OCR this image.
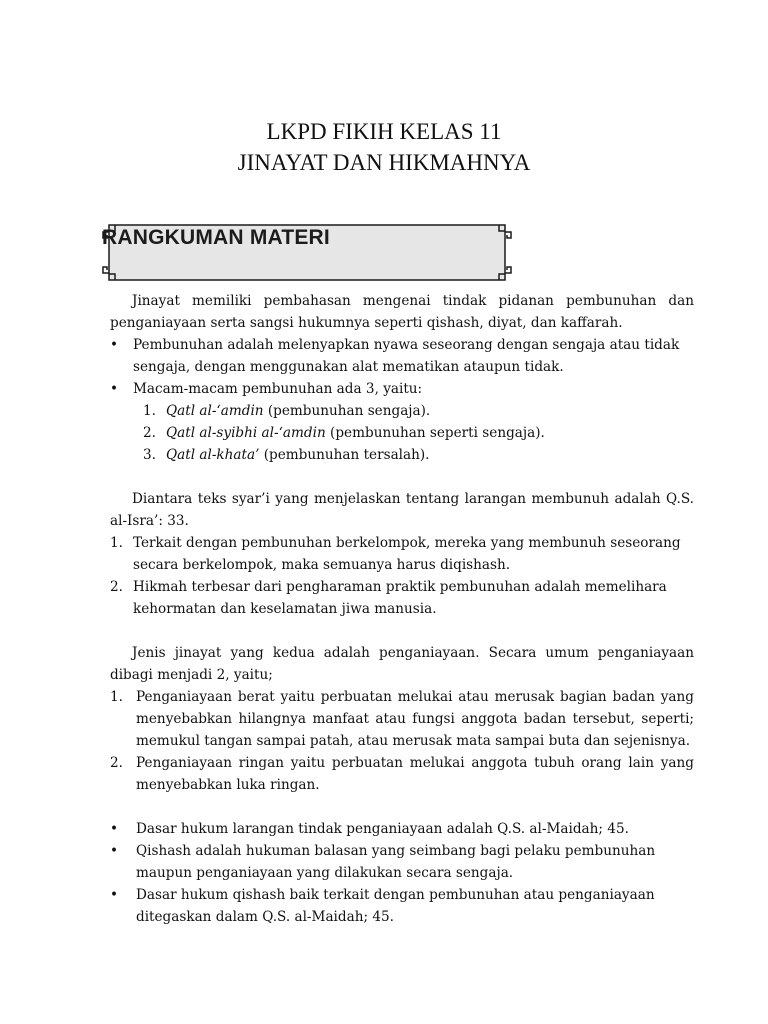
LKPD FIKIH KELAS 11
JINAYAT DAN HIKMAHNYA
RANGKUMAN MATERI

Jinayat memiliki pembahasan mengenai tindak pidanan pembunuhan dan penganiayaan serta sangsi hukumnya seperti qishash, diyat, dan kaffarah.

• Pembunuhan adalah melenyapkan nyawa seseorang dengan sengaja atau tidak sengaja, dengan menggunakan alat mematikan ataupun tidak.
• Macam-macam pembunuhan ada 3, yaitu:
1. Qatl al-‘amdin (pembunuhan sengaja).
2. Qatl al-syibhi al-‘amdin (pembunuhan seperti sengaja).
3. Qatl al-khata’ (pembunuhan tersalah).

Diantara teks syar’i yang menjelaskan tentang larangan membunuh adalah Q.S. al-Isra’: 33.

1. Terkait dengan pembunuhan berkelompok, mereka yang membunuh seseorang secara berkelompok, maka semuanya harus diqishash.
2. Hikmah terbesar dari pengharaman praktik pembunuhan adalah memelihara kehormatan dan keselamatan jiwa manusia.

Jenis jinayat yang kedua adalah penganiayaan. Secara umum penganiayaan dibagi menjadi 2, yaitu;

1. Penganiayaan berat yaitu perbuatan melukai atau merusak bagian badan yang menyebabkan hilangnya manfaat atau fungsi anggota badan tersebut, seperti; memukul tangan sampai patah, atau merusak mata sampai buta dan sejenisnya.
2. Penganiayaan ringan yaitu perbuatan melukai anggota tubuh orang lain yang menyebabkan luka ringan.
• Dasar hukum larangan tindak penganiayaan adalah Q.S. al-Maidah; 45.
• Qishash adalah hukuman balasan yang seimbang bagi pelaku pembunuhan maupun penganiayaan yang dilakukan secara sengaja.
• Dasar hukum qishash baik terkait dengan pembunuhan atau penganiayaan ditegaskan dalam Q.S. al-Maidah; 45.
